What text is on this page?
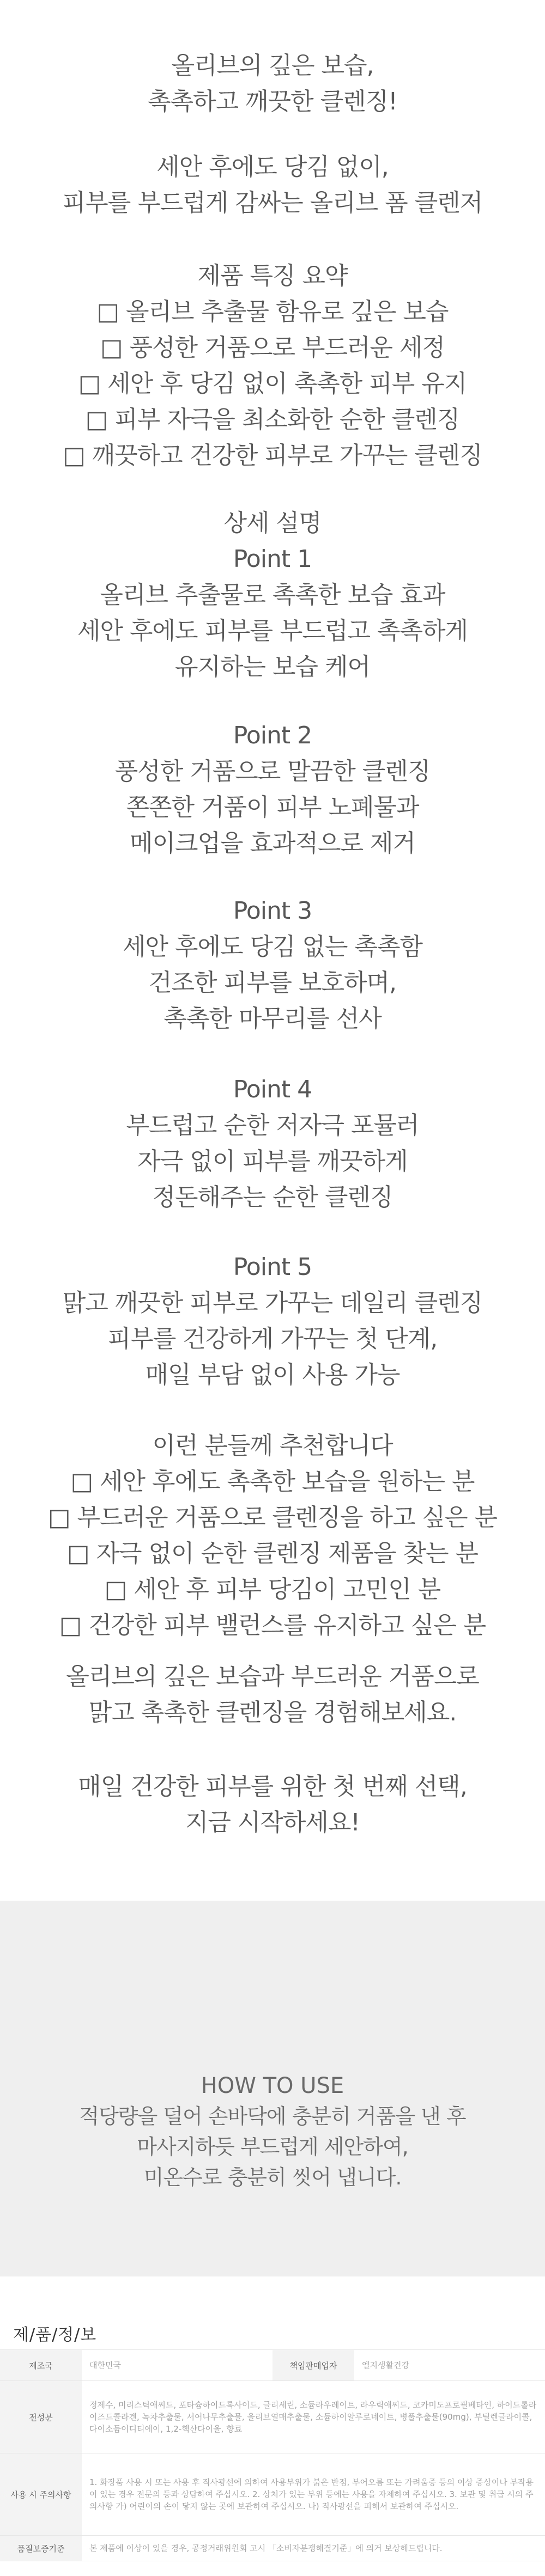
올리브의 깊은 보습,
촉촉하고 깨끗한 클렌징!
세안 후에도 당김 없이,
피부를 부드럽게 감싸는 올리브 폼 클렌저
제품 특징 요약
□ 올리브 추출물 함유로 깊은 보습
□ 풍성한 거품으로 부드러운 세정
□ 세안 후 당김 없이 촉촉한 피부 유지
□ 피부 자극을 최소화한 순한 클렌징
□ 깨끗하고 건강한 피부로 가꾸는 클렌징
상세 설명
Point 1
올리브 추출물로 촉촉한 보습 효과
세안 후에도 피부를 부드럽고 촉촉하게
유지하는 보습 케어
Point 2
풍성한 거품으로 말끔한 클렌징
쫀쫀한 거품이 피부 노폐물과
메이크업을 효과적으로 제거
Point 3
세안 후에도 당김 없는 촉촉함
건조한 피부를 보호하며,
촉촉한 마무리를 선사
Point 4
부드럽고 순한 저자극 포뮬러
자극 없이 피부를 깨끗하게
정돈해주는 순한 클렌징
Point 5
맑고 깨끗한 피부로 가꾸는 데일리 클렌징
피부를 건강하게 가꾸는 첫 단계,
매일 부담 없이 사용 가능
이런 분들께 추천합니다
□ 세안 후에도 촉촉한 보습을 원하는 분
□ 부드러운 거품으로 클렌징을 하고 싶은 분
□ 자극 없이 순한 클렌징 제품을 찾는 분
□ 세안 후 피부 당김이 고민인 분
□ 건강한 피부 밸런스를 유지하고 싶은 분
올리브의 깊은 보습과 부드러운 거품으로
맑고 촉촉한 클렌징을 경험해보세요.
매일 건강한 피부를 위한 첫 번째 선택,
지금 시작하세요!
HOW TO USE
적당량을 덜어 손바닥에 충분히 거품을 낸 후
마사지하듯 부드럽게 세안하여,
미온수로 충분히 씻어 냅니다.
제/품/정/보
제조국	대한민국	책임판매업자	엘지생활건강
전성분	정제수, 미리스틱애씨드, 포타슘하이드록사이드, 글리세린, 소듐라우레이트, 라우릭애씨드, 코카미도프로필베타인, 하이드롤라이즈드콜라겐, 녹차추출물, 서어나무추출물, 올리브열매추출물, 소듐하이알루로네이트, 병풀추출물(90mg), 부틸렌글라이콜, 다이소듐이디티에이, 1,2-헥산다이올, 향료		
사용 시 주의사항	1. 화장품 사용 시 또는 사용 후 직사광선에 의하여 사용부위가 붉은 반점, 부어오름 또는 가려움증 등의 이상 증상이나 부작용이 있는 경우 전문의 등과 상담하여 주십시오. 2. 상처가 있는 부위 등에는 사용을 자제하여 주십시오. 3. 보관 및 취급 시의 주의사항 가) 어린이의 손이 닿지 않는 곳에 보관하여 주십시오. 나) 직사광선을 피해서 보관하여 주십시오.		
품질보증기준	본 제품에 이상이 있을 경우, 공정거래위원회 고시 「소비자분쟁해결기준」에 의거 보상해드립니다.		
